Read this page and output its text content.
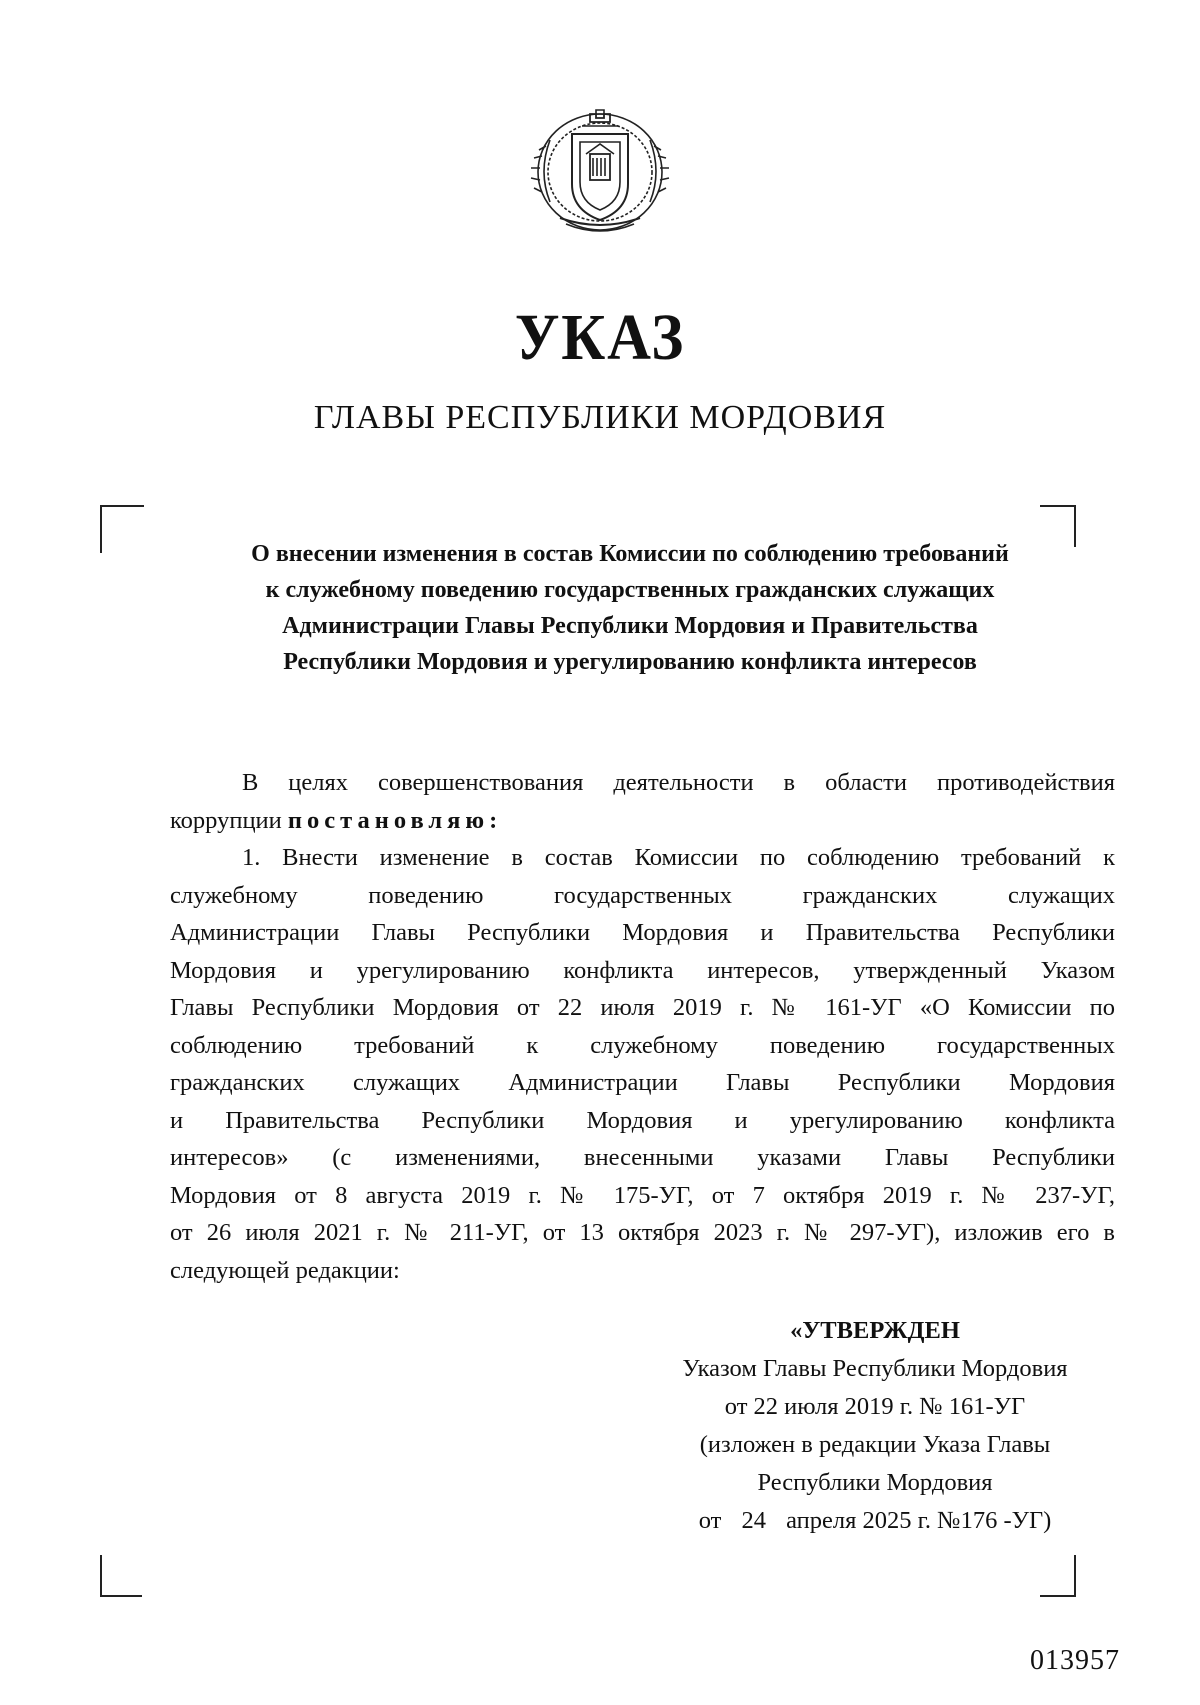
УКАЗ
ГЛАВЫ РЕСПУБЛИКИ МОРДОВИЯ
О внесении изменения в состав Комиссии по соблюдению требований
к служебному поведению государственных гражданских служащих
Администрации Главы Республики Мордовия и Правительства
Республики Мордовия и урегулированию конфликта интересов
В целях совершенствования деятельности в области противодействия
коррупции постановляю:
1. Внести изменение в состав Комиссии по соблюдению требований к
служебному поведению государственных гражданских служащих
Администрации Главы Республики Мордовия и Правительства Республики
Мордовия и урегулированию конфликта интересов, утвержденный Указом
Главы Республики Мордовия от 22 июля 2019 г. № 161-УГ «О Комиссии по
соблюдению требований к служебному поведению государственных
гражданских служащих Администрации Главы Республики Мордовия
и Правительства Республики Мордовия и урегулированию конфликта
интересов» (с изменениями, внесенными указами Главы Республики
Мордовия от 8 августа 2019 г. № 175-УГ, от 7 октября 2019 г. № 237-УГ,
от 26 июля 2021 г. № 211-УГ, от 13 октября 2023 г. № 297-УГ), изложив его в
следующей редакции:
«УТВЕРЖДЕН
Указом Главы Республики Мордовия
от 22 июля 2019 г. № 161-УГ
(изложен в редакции Указа Главы
Республики Мордовия
от 24 апреля 2025 г. №176 -УГ)
013957
